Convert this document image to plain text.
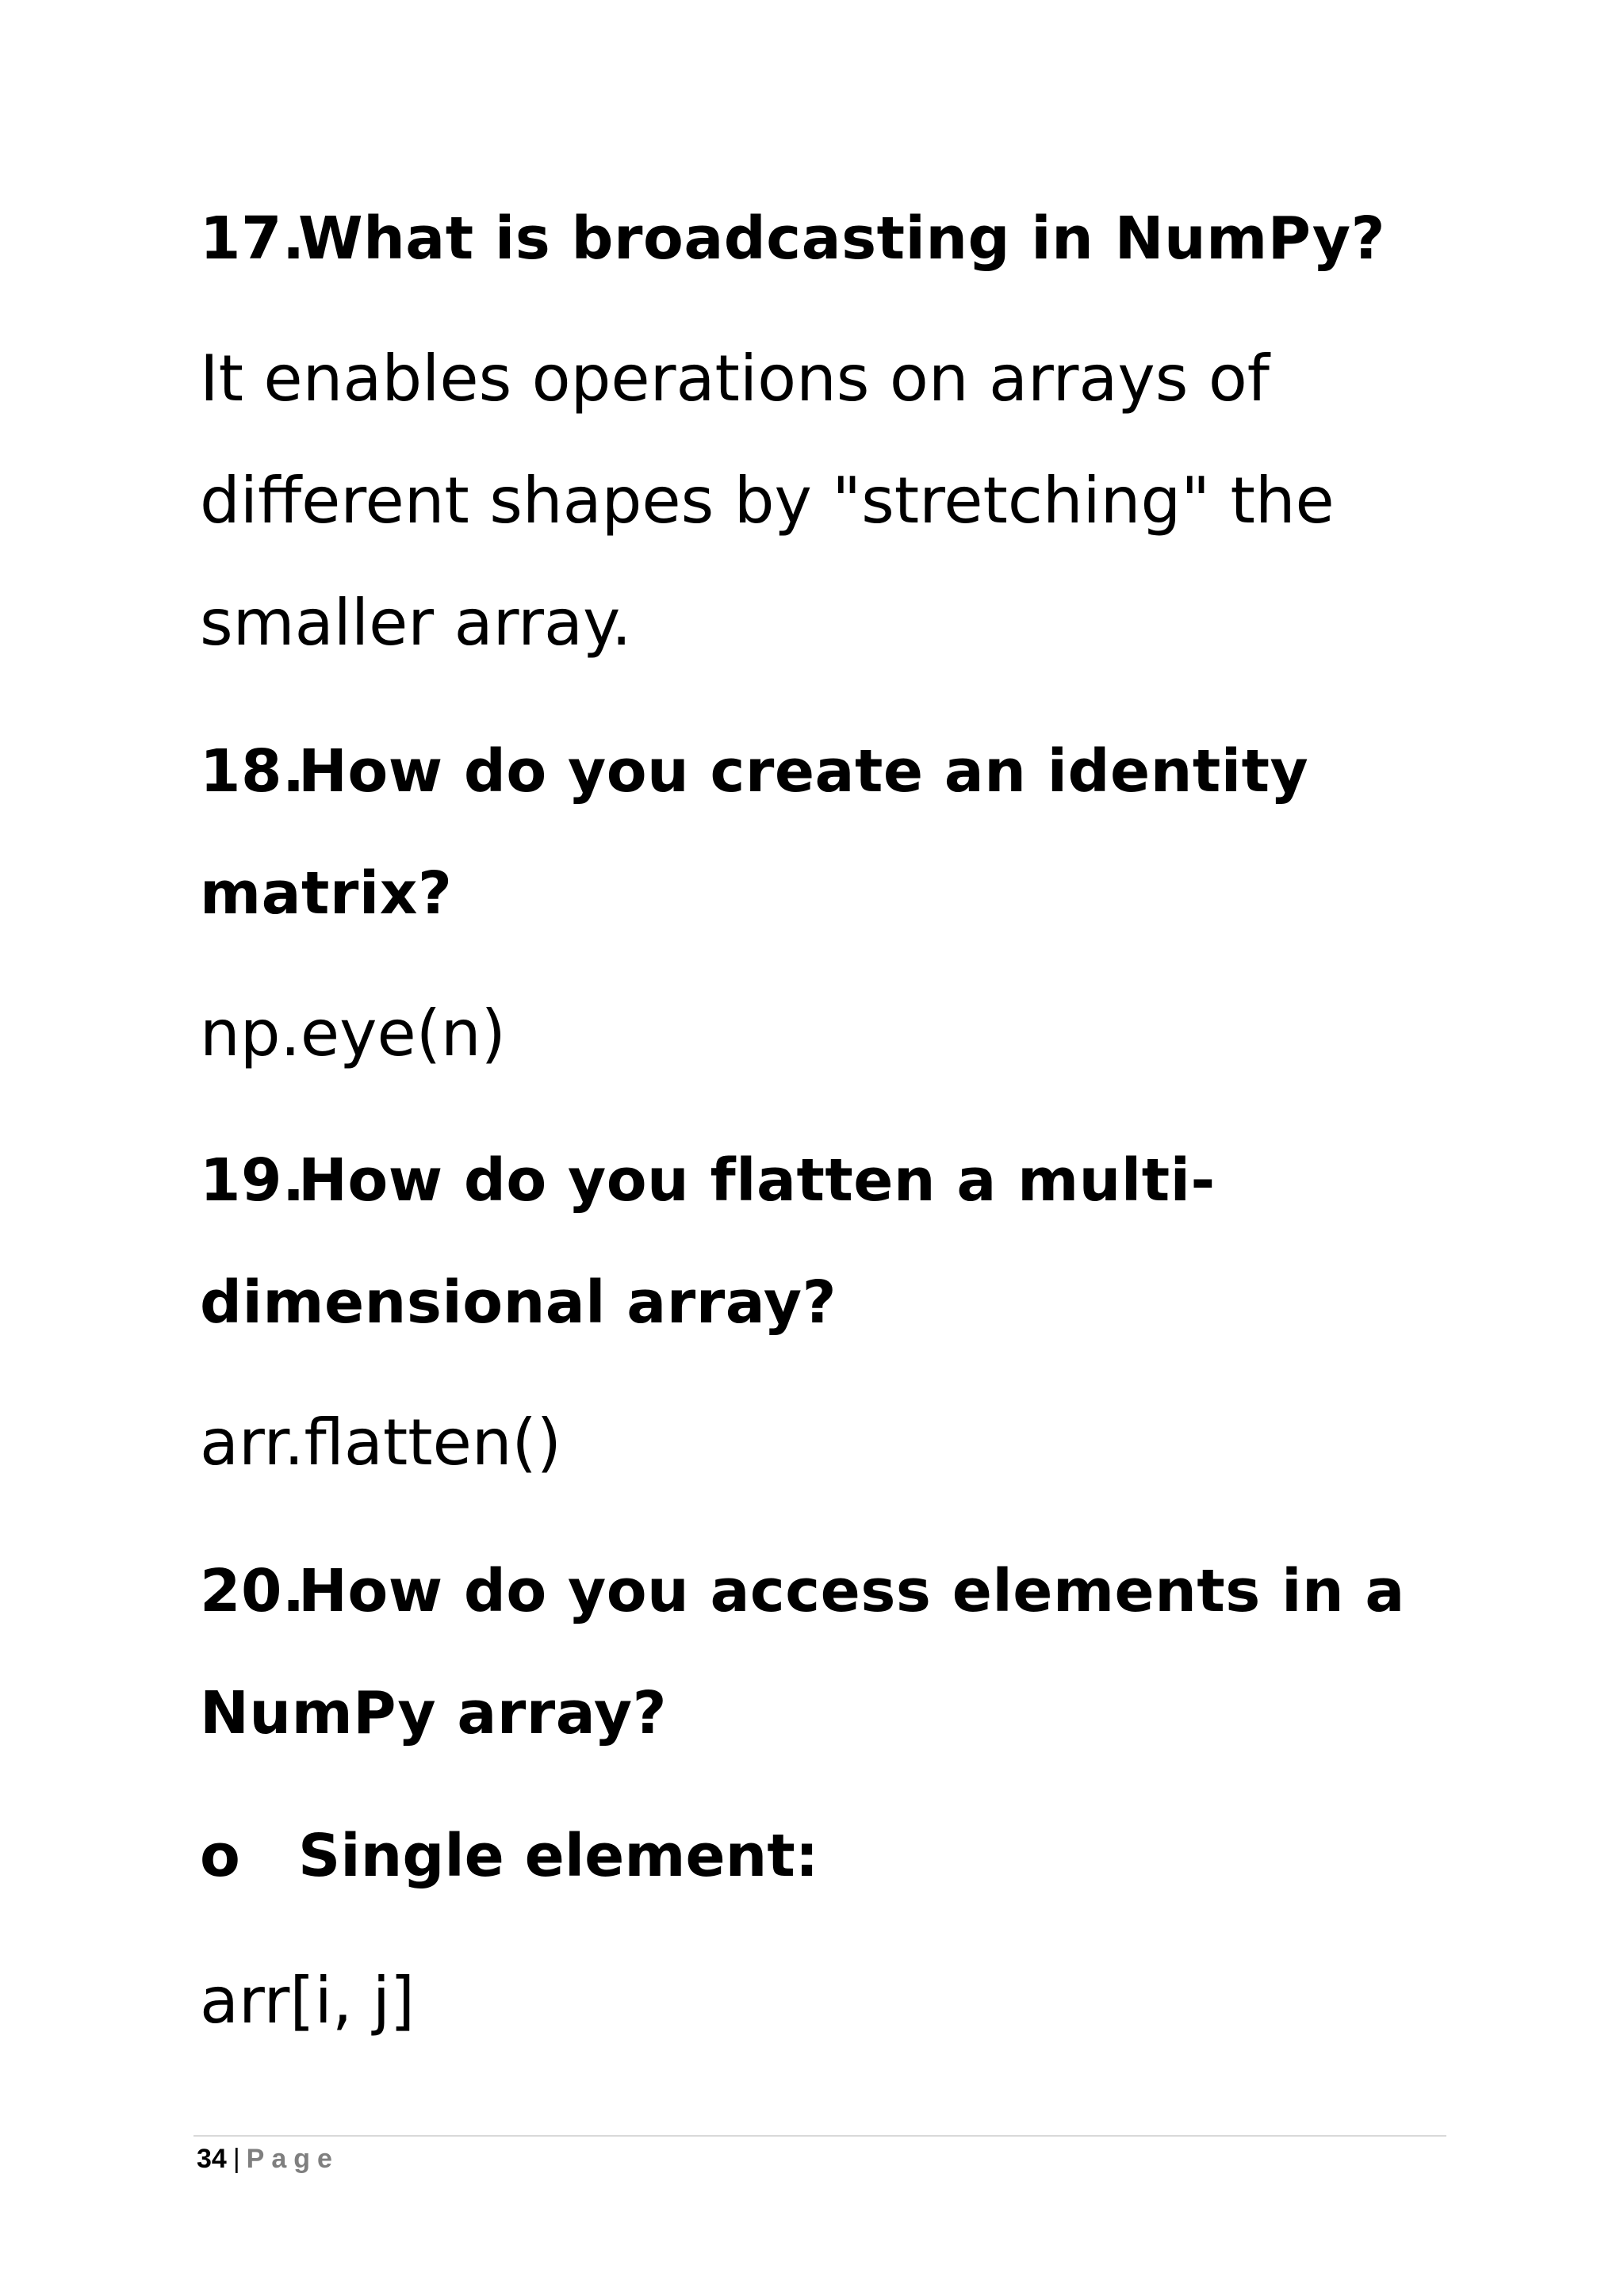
17.What is broadcasting in NumPy?
It enables operations on arrays of
different shapes by "stretching" the
smaller array.
18.How do you create an identity
matrix?
np.eye(n)
19.How do you flatten a multi-
dimensional array?
arr.flatten()
20.How do you access elements in a
NumPy array?
o Single element:
arr[i, j]
34 | Page
